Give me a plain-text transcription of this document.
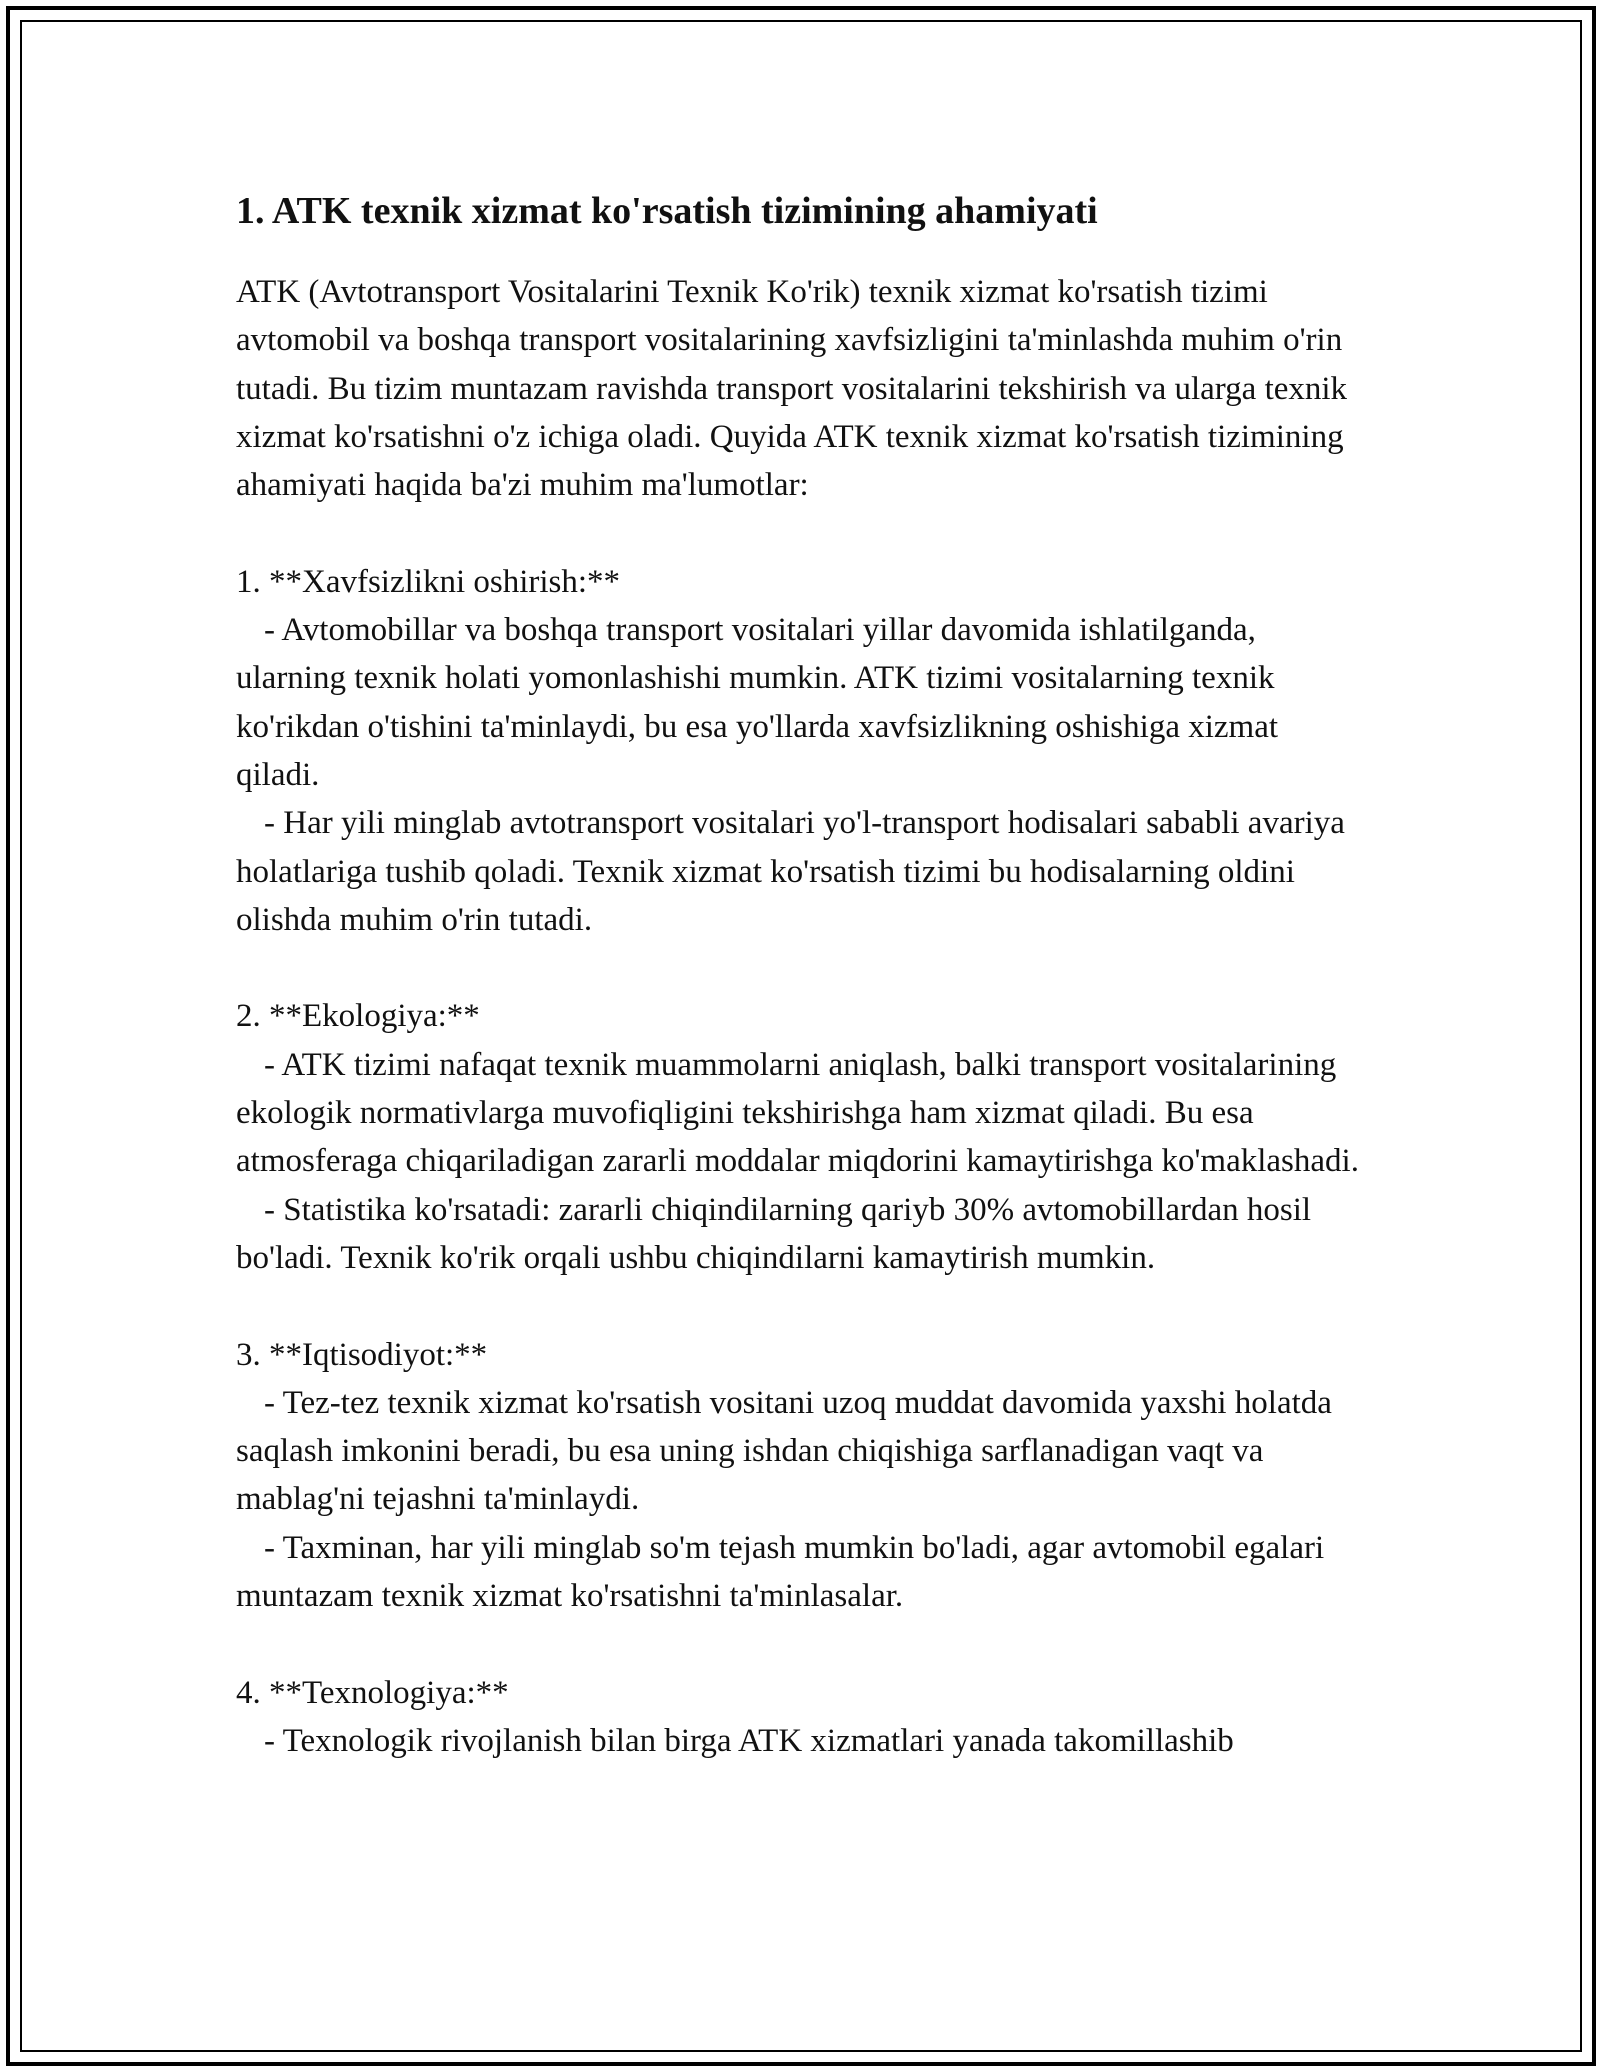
1. ATK texnik xizmat ko'rsatish tizimining ahamiyati

ATK (Avtotransport Vositalarini Texnik Ko'rik) texnik xizmat ko'rsatish tizimi avtomobil va boshqa transport vositalarining xavfsizligini ta'minlashda muhim o'rin tutadi. Bu tizim muntazam ravishda transport vositalarini tekshirish va ularga texnik xizmat ko'rsatishni o'z ichiga oladi. Quyida ATK texnik xizmat ko'rsatish tizimining ahamiyati haqida ba'zi muhim ma'lumotlar:

1. **Xavfsizlikni oshirish:**

- Avtomobillar va boshqa transport vositalari yillar davomida ishlatilganda, ularning texnik holati yomonlashishi mumkin. ATK tizimi vositalarning texnik ko'rikdan o'tishini ta'minlaydi, bu esa yo'llarda xavfsizlikning oshishiga xizmat qiladi.

- Har yili minglab avtotransport vositalari yo'l-transport hodisalari sababli avariya holatlariga tushib qoladi. Texnik xizmat ko'rsatish tizimi bu hodisalarning oldini olishda muhim o'rin tutadi.

2. **Ekologiya:**

- ATK tizimi nafaqat texnik muammolarni aniqlash, balki transport vositalarining ekologik normativlarga muvofiqligini tekshirishga ham xizmat qiladi. Bu esa atmosferaga chiqariladigan zararli moddalar miqdorini kamaytirishga ko'maklashadi.

- Statistika ko'rsatadi: zararli chiqindilarning qariyb 30% avtomobillardan hosil bo'ladi. Texnik ko'rik orqali ushbu chiqindilarni kamaytirish mumkin.

3. **Iqtisodiyot:**

- Tez-tez texnik xizmat ko'rsatish vositani uzoq muddat davomida yaxshi holatda saqlash imkonini beradi, bu esa uning ishdan chiqishiga sarflanadigan vaqt va mablag'ni tejashni ta'minlaydi.

- Taxminan, har yili minglab so'm tejash mumkin bo'ladi, agar avtomobil egalari muntazam texnik xizmat ko'rsatishni ta'minlasalar.

4. **Texnologiya:**

- Texnologik rivojlanish bilan birga ATK xizmatlari yanada takomillashib
